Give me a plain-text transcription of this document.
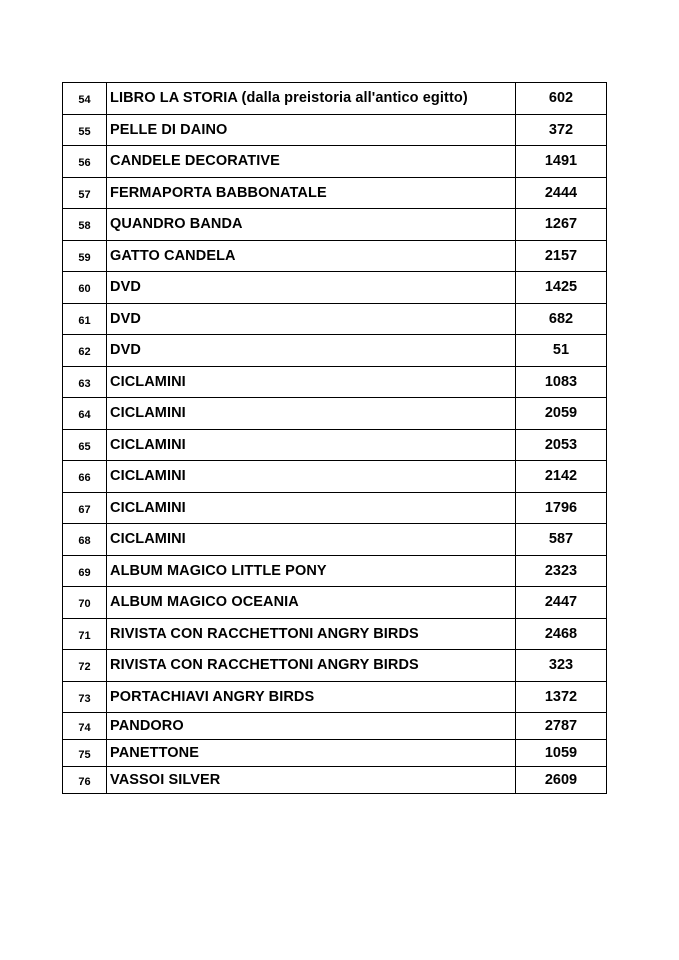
54	LIBRO LA STORIA (dalla preistoria all'antico egitto)	602
55	PELLE DI DAINO	372
56	CANDELE DECORATIVE	1491
57	FERMAPORTA BABBONATALE	2444
58	QUANDRO BANDA	1267
59	GATTO CANDELA	2157
60	DVD	1425
61	DVD	682
62	DVD	51
63	CICLAMINI	1083
64	CICLAMINI	2059
65	CICLAMINI	2053
66	CICLAMINI	2142
67	CICLAMINI	1796
68	CICLAMINI	587
69	ALBUM MAGICO LITTLE PONY	2323
70	ALBUM MAGICO OCEANIA	2447
71	RIVISTA CON RACCHETTONI ANGRY BIRDS	2468
72	RIVISTA CON RACCHETTONI ANGRY BIRDS	323
73	PORTACHIAVI ANGRY BIRDS	1372
74	PANDORO	2787
75	PANETTONE	1059
76	VASSOI SILVER	2609
